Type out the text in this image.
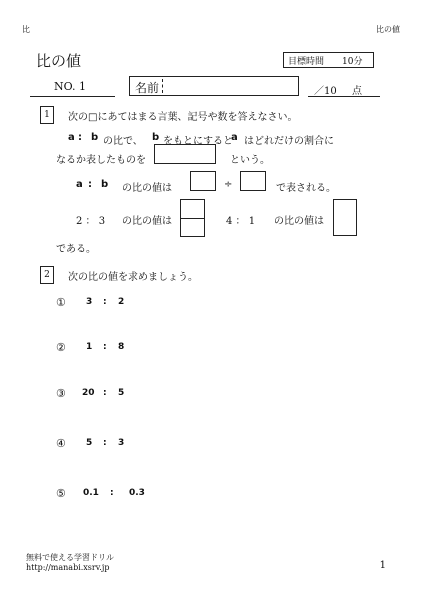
比	比の値
比の値	目標時間 10分
NO. 1	名前	／10 点
1 次の□にあてはまる言葉、記号や数を答えなさい。
a : b の比で、 b をもとにすると
a はどれだけの割合に
なるか表したものを	という。
a : b の比の値は	÷	で表される。
2 ： 3 の比の値は	4 ： 1 の比の値は
である。
2 次の比の値を求めましょう。
① 3 : 2
② 1 : 8
③ 20 : 5
④ 5 : 3
⑤ 0.1 : 0.3
無料で使える学習ドリル
http://manabi.xsrv.jp	1
